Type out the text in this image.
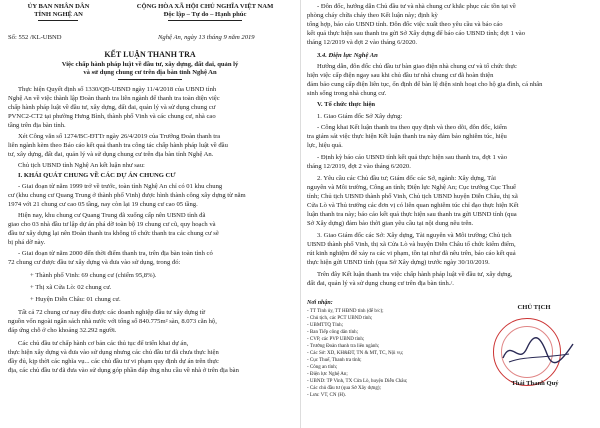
ỦY BAN NHÂN DÂN
TỈNH NGHỆ AN
Số: 552 /KL-UBND
CỘNG HÒA XÃ HỘI CHỦ NGHĨA VIỆT NAM
Độc lập – Tự do – Hạnh phúc
Nghệ An, ngày 13 tháng 9 năm 2019
KẾT LUẬN THANH TRA
Việc chấp hành pháp luật về đầu tư, xây dựng, đất đai, quản lý
và sử dụng chung cư trên địa bàn tỉnh Nghệ An
Thực hiện Quyết định số 1330/QĐ-UBND ngày 11/4/2018 của UBND tỉnh
Nghệ An về việc thành lập Đoàn thanh tra liên ngành để thanh tra toàn diện việc
chấp hành pháp luật về đầu tư, xây dựng, đất đai, quản lý và sử dụng chung cư
PVNC2-CT2 tại phường Hưng Bình, thành phố Vinh và các chung cư, nhà cao
tầng trên địa bàn tỉnh.
Xét Công văn số 1274/BC-ĐTTr ngày 26/4/2019 của Trưởng Đoàn thanh tra
liên ngành kèm theo Báo cáo kết quả thanh tra công tác chấp hành pháp luật về đầu
tư, xây dựng, đất đai, quản lý và sử dụng chung cư trên địa bàn tỉnh Nghệ An.
Chủ tịch UBND tỉnh Nghệ An kết luận như sau:
I. KHÁI QUÁT CHUNG VỀ CÁC DỰ ÁN CHUNG CƯ
- Giai đoạn từ năm 1999 trở về trước, toàn tỉnh Nghệ An chỉ có 01 khu chung
cư (khu chung cư Quang Trung ở thành phố Vinh) được hình thành công xây dựng từ năm
1974 với 21 chung cư cao 05 tầng, nay còn lại 19 chung cư cao 05 tầng.
Hiện nay, khu chung cư Quang Trung đã xuống cấp nên UBND tỉnh đã
giao cho 03 nhà đầu tư lập dự án phá dỡ toàn bộ 19 chung cư cũ, quy hoạch và
đầu tư xây dựng lại nên Đoàn thanh tra không tổ chức thanh tra các chung cư sẽ
bị phá dỡ này.
- Giai đoạn từ năm 2000 đến thời điểm thanh tra, trên địa bàn toàn tỉnh có
72 chung cư được đầu tư xây dựng và đưa vào sử dụng, trong đó:
+ Thành phố Vinh: 69 chung cư (chiếm 95,8%).
+ Thị xã Cửa Lò: 02 chung cư.
+ Huyện Diễn Châu: 01 chung cư.
Tất cả 72 chung cư nay đều được các doanh nghiệp đầu tư xây dựng từ
nguồn vốn ngoài ngân sách nhà nước với tổng số 840.775m² sàn, 8.073 căn hộ,
đáp ứng chỗ ở cho khoảng 32.292 người.
Các chủ đầu tư chấp hành cơ bản các thủ tục để triển khai dự án,
thực hiện xây dựng và đưa vào sử dụng nhưng các chủ đầu tư đã chưa thực hiện
đầy đủ, kịp thời các nghĩa vụ... các chủ đầu tư vi phạm quy định dự án trên thực
địa, các chủ đầu tư đã đưa vào sử dụng góp phần đáp ứng nhu cầu về nhà ở trên địa bàn
- Đôn đốc, hướng dẫn Chủ đầu tư và nhà chung cư khắc phục các tồn tại về
phòng cháy chữa cháy theo Kết luận này; định kỳ
tổng hợp, báo cáo UBND tỉnh. Đôn đốc việc xuất theo yêu cầu và báo cáo
kết quả thực hiện sau thanh tra gửi Sở Xây dựng để báo cáo UBND tỉnh; đợt 1 vào
tháng 12/2019 và đợt 2 vào tháng 6/2020.
3.4. Điện lực Nghệ An
Hướng dẫn, đôn đốc chủ đầu tư bàn giao điện nhà chung cư và tổ chức thực
hiện việc cấp điện ngay sau khi chủ đầu tư nhà chung cư đã hoàn thiện
đảm bảo cung cấp điện liên tục, ổn định để bàn lệ điện sinh hoạt cho hộ gia đình, cá nhân
sinh sống trong nhà chung cư.
V. Tổ chức thực hiện
1. Giao Giám đốc Sở Xây dựng:
- Công khai Kết luận thanh tra theo quy định và theo dõi, đôn đốc, kiểm
tra giám sát việc thực hiện Kết luận thanh tra này đảm bảo nghiêm túc, hiệu
lực, hiệu quả.
- Định kỳ báo cáo UBND tỉnh kết quả thực hiện sau thanh tra, đợt 1 vào
tháng 12/2019, đợt 2 vào tháng 6/2020.
2. Yêu cầu các Chủ đầu tư; Giám đốc các Sở, ngành: Xây dựng, Tài
nguyên và Môi trường, Công an tỉnh; Điện lực Nghệ An; Cục trưởng Cục Thuế
tỉnh; Chủ tịch UBND thành phố Vinh, Chủ tịch UBND huyện Diễn Châu, thị xã
Cửa Lò và Thủ trưởng các đơn vị có liên quan nghiêm túc chỉ đạo thực hiện Kết
luận thanh tra này; báo cáo kết quả thực hiện sau thanh tra gửi UBND tỉnh (qua
Sở Xây dựng) đảm bảo thời gian yêu cầu tại nội dung nêu trên.
3. Giao Giám đốc các Sở: Xây dựng, Tài nguyên và Môi trường; Chủ tịch
UBND thành phố Vinh, thị xã Cửa Lò và huyện Diễn Châu tổ chức kiểm điểm,
rút kinh nghiệm để xảy ra các vi phạm, tồn tại như đã nêu trên, báo cáo kết quả
thực hiện gửi UBND tỉnh (qua Sở Xây dựng) trước ngày 30/10/2019.
Trên đây Kết luận thanh tra việc chấp hành pháp luật về đầu tư, xây dựng,
đất đai, quản lý và sử dụng chung cư trên địa bàn tỉnh./.
Nơi nhận:
- TT Tỉnh ủy, TT HĐND tỉnh (để b/c);
- Chủ tịch, các PCT UBND tỉnh;
- UBMTTQ Tỉnh;
- Ban Tiếp công dân tỉnh;
- CVP, các PVP UBND tỉnh;
- Trưởng Đoàn thanh tra liên ngành;
- Các Sở: XD, KH&ĐT, TN & MT, TC, Nội vụ;
- Cục Thuế, Thanh tra tỉnh;
- Công an tỉnh;
- Điện lực Nghệ An;
- UBND: TP Vinh, TX Cửa Lò, huyện Diễn Châu;
- Các chủ đầu tư (qua Sở Xây dựng);
- Lưu: VT, CN (H).
CHỦ TỊCH
Thái Thanh Quý
